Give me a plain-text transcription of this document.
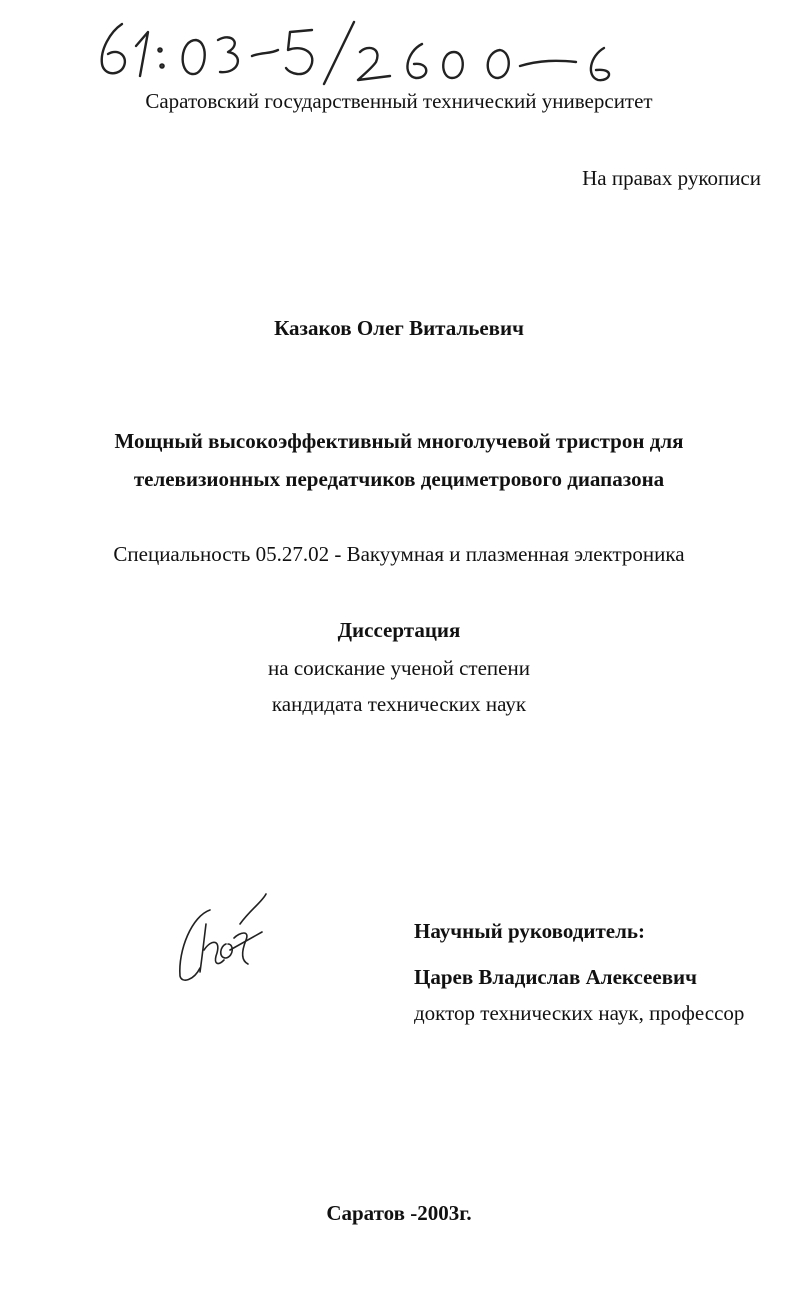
Саратовский государственный технический университет
На правах рукописи
Казаков Олег Витальевич
Мощный высокоэффективный многолучевой тристрон для
телевизионных передатчиков дециметрового диапазона
Специальность 05.27.02 - Вакуумная и плазменная электроника
Диссертация
на соискание ученой степени
кандидата технических наук
Научный руководитель:
Царев Владислав Алексеевич
доктор технических наук, профессор
Саратов -2003г.
